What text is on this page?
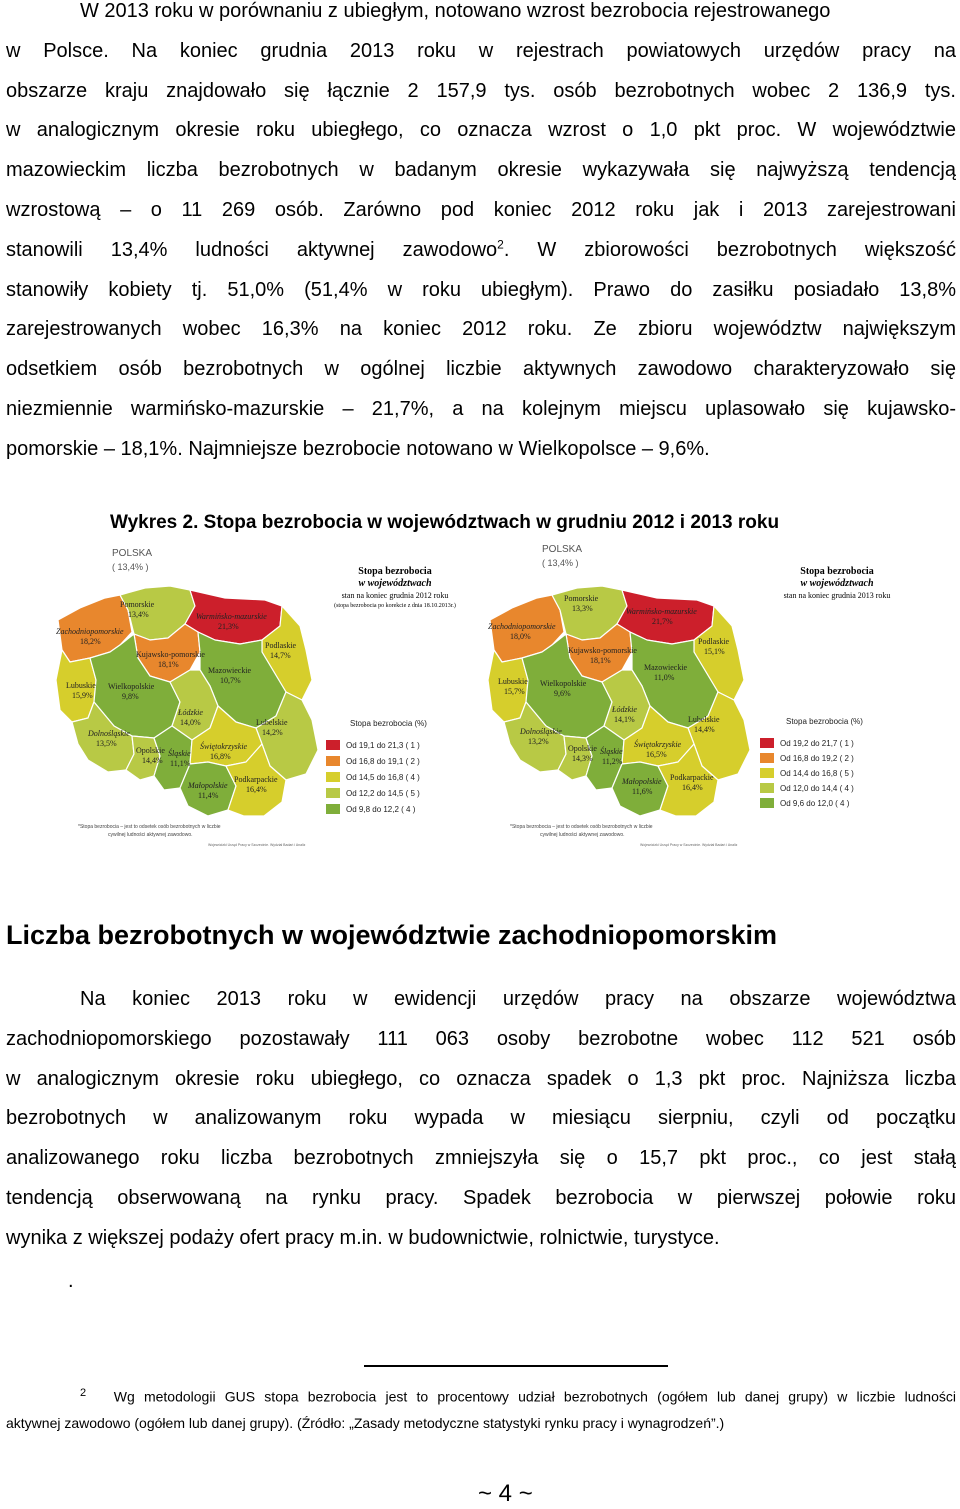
W 2013 roku w porównaniu z ubiegłym, notowano wzrost bezrobocia rejestrowanego
w Polsce. Na koniec grudnia 2013 roku w rejestrach powiatowych urzędów pracy na
obszarze kraju znajdowało się łącznie 2 157,9 tys. osób bezrobotnych wobec 2 136,9 tys.
w analogicznym okresie roku ubiegłego, co oznacza wzrost o 1,0 pkt proc. W województwie
mazowieckim liczba bezrobotnych w badanym okresie wykazywała się najwyższą tendencją
wzrostową – o 11 269 osób. Zarówno pod koniec 2012 roku jak i 2013 zarejestrowani
stanowili 13,4% ludności aktywnej zawodowo$^2$. W zbiorowości bezrobotnych większość
stanowiły kobiety tj. 51,0% (51,4% w roku ubiegłym). Prawo do zasiłku posiadało 13,8%
zarejestrowanych wobec 16,3% na koniec 2012 roku. Ze zbioru województw największym
odsetkiem osób bezrobotnych w ogólnej liczbie aktywnych zawodowo charakteryzowało się
niezmiennie warmińsko-mazurskie – 21,7%, a na kolejnym miejscu uplasowało się kujawsko-
pomorskie – 18,1%. Najmniejsze bezrobocie notowano w Wielkopolsce – 9,6%.
Wykres 2. Stopa bezrobocia w województwach w grudniu 2012 i 2013 roku
POLSKA
( 13,4% )	Stopa bezrobocia
w województwach
stan na koniec grudnia 2012 roku
(stopa bezrobocia po korekcie z dnia 18.10.2013r.)
Pomorskie
13,4%	Warmińsko-mazurskie
21,3%
Zachodniopomorskie
18,2%	Podlaskie
14,7%
Kujawsko-pomorskie
18,1%
Mazowieckie
10,7%
Lubuskie
15,9%
Wielkopolskie
9,8%
Łódzkie
14,0%	Lubelskie
14,2%
Dolnośląskie
13,5%
Opolskie
14,4%
Śląskie
11,1%
Świętokrzyskie
16,8%
Małopolskie
11,4%
Podkarpackie
16,4%
Stopa bezrobocia (%)
Od 19,1 do 21,3 ( 1 )
Od 16,8 do 19,1 ( 2 )
Od 14,5 do 16,8 ( 4 )
Od 12,2 do 14,5 ( 5 )
Od 9,8 do 12,2 ( 4 )
*Stopa bezrobocia – jest to odsetek osób bezrobotnych w liczbie
cywilnej ludności aktywnej zawodowo.
Wojewódzki Urząd Pracy w Szczecinie. Wydział Badań i Analiz
POLSKA
( 13,4% )
Stopa bezrobocia
w województwach
stan na koniec grudnia 2013 roku
Pomorskie
13,3%	Warmińsko-mazurskie
21,7%
Zachodniopomorskie
18,0%
Podlaskie
15,1%
Kujawsko-pomorskie
18,1%
Mazowieckie
11,0%
Lubuskie
15,7%
Wielkopolskie
9,6%
Łódzkie
14,1%	Lubelskie
14,4%
Dolnośląskie
13,2%
Opolskie
14,3%
Śląskie
11,2%
Świętokrzyskie
16,5%
Małopolskie
11,6%
Podkarpackie
16,4%
Stopa bezrobocia (%)
Od 19,2 do 21,7 ( 1 )
Od 16,8 do 19,2 ( 2 )
Od 14,4 do 16,8 ( 5 )
Od 12,0 do 14,4 ( 4 )
Od 9,6 do 12,0 ( 4 )
*Stopa bezrobocia – jest to odsetek osób bezrobotnych w liczbie
cywilnej ludności aktywnej zawodowo.
Wojewódzki Urząd Pracy w Szczecinie. Wydział Badań i Analiz
Liczba bezrobotnych w województwie zachodniopomorskim
Na koniec 2013 roku w ewidencji urzędów pracy na obszarze województwa
zachodniopomorskiego pozostawały 111 063 osoby bezrobotne wobec 112 521 osób
w analogicznym okresie roku ubiegłego, co oznacza spadek o 1,3 pkt proc. Najniższa liczba
bezrobotnych w analizowanym roku wypada w miesiącu sierpniu, czyli od początku
analizowanego roku liczba bezrobotnych zmniejszyła się o 15,7 pkt proc., co jest stałą
tendencją obserwowaną na rynku pracy. Spadek bezrobocia w pierwszej połowie roku
wynika z większej podaży ofert pracy m.in. w budownictwie, rolnictwie, turystyce.
.
$^2$ Wg metodologii GUS stopa bezrobocia jest to procentowy udział bezrobotnych (ogółem lub danej grupy) w liczbie ludności
aktywnej zawodowo (ogółem lub danej grupy). (Źródło: „Zasady metodyczne statystyki rynku pracy i wynagrodzeń”.)
~ 4 ~
